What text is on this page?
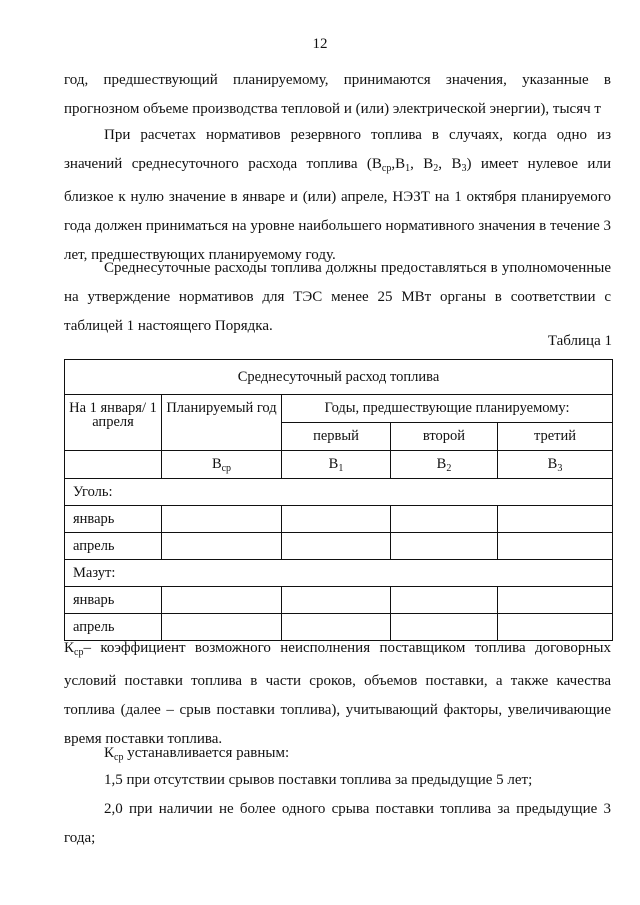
12

год, предшествующий планируемому, принимаются значения, указанные в

прогнозном объеме производства тепловой и (или) электрической энергии), тысяч т

При расчетах нормативов резервного топлива в случаях, когда одно из значений среднесуточного расхода топлива ($B_{ср},B_1$, $B_2$, $B_3$) имеет нулевое или близкое к нулю значение в январе и (или) апреле, НЭЗТ на 1 октября планируемого года должен приниматься на уровне наибольшего нормативного значения в течение 3 лет, предшествующих планируемому году.

Среднесуточные расходы топлива должны предоставляться в уполномоченные на утверждение нормативов для ТЭС менее 25 МВт органы в соответствии с таблицей 1 настоящего Порядка.

Таблица 1
Среднесуточный расход топлива				
На 1 января/ 1 апреля	Планируемый год	Годы, предшествующие планируемому:		
		первый	второй	третий
	$B_{ср}$	$B_1$	$B_2$	$B_3$
Уголь:				
январь				
апрель				
Мазут:				
январь				
апрель				

$К_{ср}-$ коэффициент возможного неисполнения поставщиком топлива договорных условий поставки топлива в части сроков, объемов поставки, а также качества топлива (далее – срыв поставки топлива), учитывающий факторы, увеличивающие время поставки топлива.

$К_{ср}$ устанавливается равным:

1,5 при отсутствии срывов поставки топлива за предыдущие 5 лет;

2,0 при наличии не более одного срыва поставки топлива за предыдущие 3 года;
